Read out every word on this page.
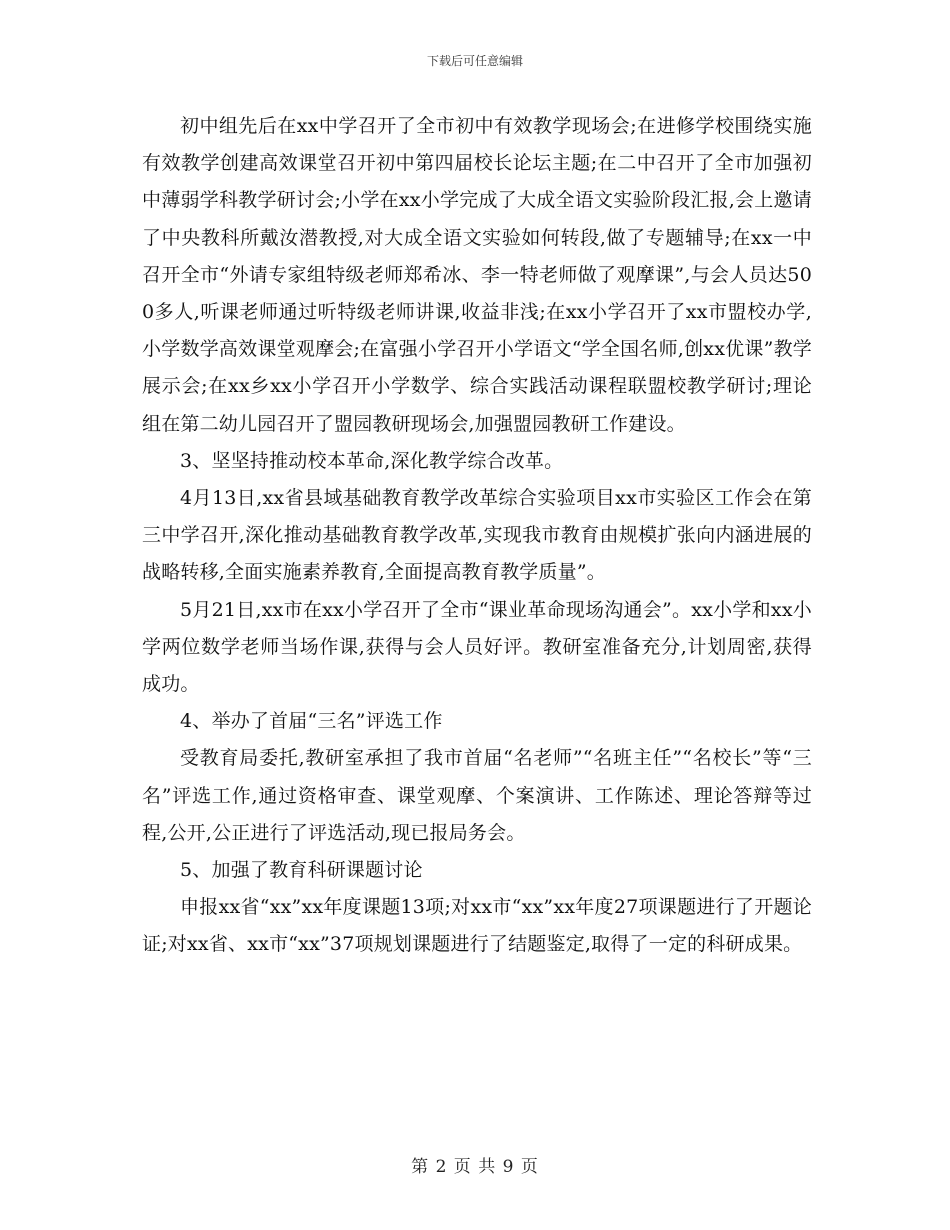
下载后可任意编辑

初中组先后在xx中学召开了全市初中有效教学现场会;在进修学校围绕实施有效教学创建高效课堂召开初中第四届校长论坛主题;在二中召开了全市加强初中薄弱学科教学研讨会;小学在xx小学完成了大成全语文实验阶段汇报,会上邀请了中央教科所戴汝潜教授,对大成全语文实验如何转段,做了专题辅导;在xx一中召开全市“外请专家组特级老师郑希冰、李一特老师做了观摩课”,与会人员达500多人,听课老师通过听特级老师讲课,收益非浅;在xx小学召开了xx市盟校办学,小学数学高效课堂观摩会;在富强小学召开小学语文“学全国名师,创xx优课”教学展示会;在xx乡xx小学召开小学数学、综合实践活动课程联盟校教学研讨;理论组在第二幼儿园召开了盟园教研现场会,加强盟园教研工作建设。

3、坚坚持推动校本革命,深化教学综合改革。

4月13日,xx省县域基础教育教学改革综合实验项目xx市实验区工作会在第三中学召开,深化推动基础教育教学改革,实现我市教育由规模扩张向内涵进展的战略转移,全面实施素养教育,全面提高教育教学质量”。

5月21日,xx市在xx小学召开了全市“课业革命现场沟通会”。xx小学和xx小学两位数学老师当场作课,获得与会人员好评。教研室准备充分,计划周密,获得成功。

4、举办了首届“三名”评选工作

受教育局委托,教研室承担了我市首届“名老师”“名班主任”“名校长”等“三名”评选工作,通过资格审查、课堂观摩、个案演讲、工作陈述、理论答辩等过程,公开,公正进行了评选活动,现已报局务会。

5、加强了教育科研课题讨论

申报xx省“xx”xx年度课题13项;对xx市“xx”xx年度27项课题进行了开题论证;对xx省、xx市“xx”37项规划课题进行了结题鉴定,取得了一定的科研成果。

第 2 页 共 9 页
